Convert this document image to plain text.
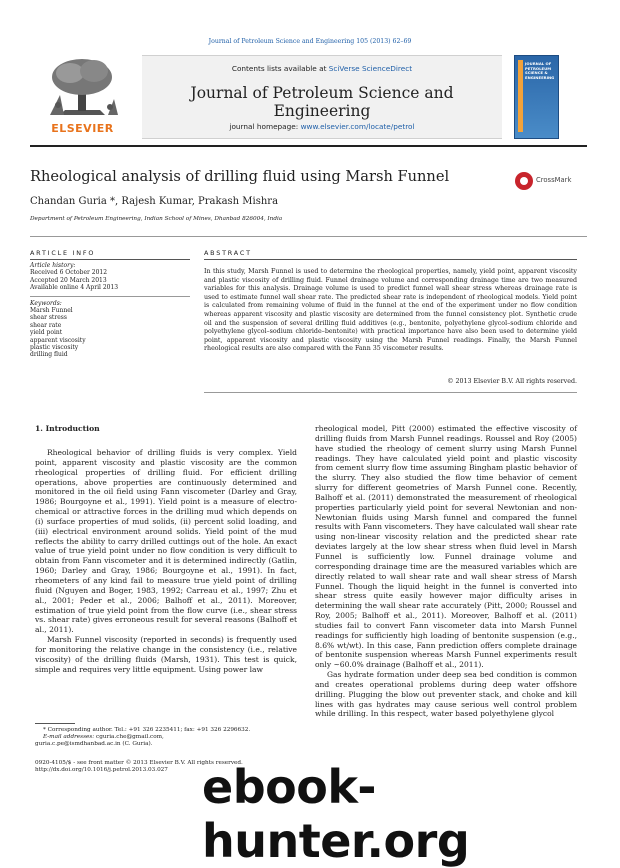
Journal of Petroleum Science and Engineering 105 (2013) 62–69
ELSEVIER
Contents lists available at SciVerse ScienceDirect
Journal of Petroleum Science and Engineering
journal homepage: www.elsevier.com/locate/petrol
JOURNAL OF PETROLEUM SCIENCE & ENGINEERING
Rheological analysis of drilling fluid using Marsh Funnel	CrossMark
Chandan Guria *, Rajesh Kumar, Prakash Mishra
Department of Petroleum Engineering, Indian School of Mines, Dhanbad 826004, India
ARTICLE INFO
Article history:
Received 6 October 2012
Accepted 20 March 2013
Available online 4 April 2013
Keywords:
Marsh Funnel
shear stress
shear rate
yield point
apparent viscosity
plastic viscosity
drilling fluid
ABSTRACT
In this study, Marsh Funnel is used to determine the rheological properties, namely, yield point, apparent viscosity and plastic viscosity of drilling fluid. Funnel drainage volume and corresponding drainage time are two measured variables for this analysis. Drainage volume is used to predict funnel wall shear stress whereas drainage rate is used to estimate funnel wall shear rate. The predicted shear rate is independent of rheological models. Yield point is calculated from remaining volume of fluid in the funnel at the end of the experiment under no flow condition whereas apparent viscosity and plastic viscosity are determined from the funnel consistency plot. Synthetic crude oil and the suspension of several drilling fluid additives (e.g., bentonite, polyethylene glycol–sodium chloride and polyethylene glycol–sodium chloride–bentonite) with practical importance have also been used to determine yield point, apparent viscosity and plastic viscosity using the Marsh Funnel readings. Finally, the Marsh Funnel rheological results are also compared with the Fann 35 viscometer results.
© 2013 Elsevier B.V. All rights reserved.
1. Introduction

Rheological behavior of drilling fluids is very complex. Yield point, apparent viscosity and plastic viscosity are the common rheological properties of drilling fluid. For efficient drilling operations, above properties are continuously determined and monitored in the oil field using Fann viscometer (Darley and Gray, 1986; Bourgoyne et al., 1991). Yield point is a measure of electro-chemical or attractive forces in the drilling mud which depends on (i) surface properties of mud solids, (ii) percent solid loading, and (iii) electrical environment around solids. Yield point of the mud reflects the ability to carry drilled cuttings out of the hole. An exact value of true yield point under no flow condition is very difficult to obtain from Fann viscometer and it is determined indirectly (Gatlin, 1960; Darley and Gray, 1986; Bourgoyne et al., 1991). In fact, rheometers of any kind fail to measure true yield point of drilling fluid (Nguyen and Boger, 1983, 1992; Carreau et al., 1997; Zhu et al., 2001; Peder et al., 2006; Balhoff et al., 2011). Moreover, estimation of true yield point from the flow curve (i.e., shear stress vs. shear rate) gives erroneous result for several reasons (Balhoff et al., 2011).

Marsh Funnel viscosity (reported in seconds) is frequently used for monitoring the relative change in the consistency (i.e., relative viscosity) of the drilling fluids (Marsh, 1931). This test is quick, simple and requires very little equipment. Using power law

rheological model, Pitt (2000) estimated the effective viscosity of drilling fluids from Marsh Funnel readings. Roussel and Roy (2005) have studied the rheology of cement slurry using Marsh Funnel readings. They have calculated yield point and plastic viscosity from cement slurry flow time assuming Bingham plastic behavior of the slurry. They also studied the flow time behavior of cement slurry for different geometries of Marsh Funnel cone. Recently, Balhoff et al. (2011) demonstrated the measurement of rheological properties particularly yield point for several Newtonian and non-Newtonian fluids using Marsh funnel and compared the funnel results with Fann viscometers. They have calculated wall shear rate using non-linear viscosity relation and the predicted shear rate deviates largely at the low shear stress when fluid level in Marsh Funnel is sufficiently low. Funnel drainage volume and corresponding drainage time are the measured variables which are directly related to wall shear rate and wall shear stress of Marsh Funnel. Though the liquid height in the funnel is converted into shear stress quite easily however major difficulty arises in determining the wall shear rate accurately (Pitt, 2000; Roussel and Roy, 2005; Balhoff et al., 2011). Moreover, Balhoff et al. (2011) studies fail to convert Fann viscometer data into Marsh Funnel readings for sufficiently high loading of bentonite suspension (e.g., 8.6% wt/wt). In this case, Fann prediction offers complete drainage of bentonite suspension whereas Marsh Funnel experiments result only ~60.0% drainage (Balhoff et al., 2011).

Gas hydrate formation under deep sea bed condition is common and creates operational problems during deep water offshore drilling. Plugging the blow out preventer stack, and choke and kill lines with gas hydrates may cause serious well control problem while drilling. In this respect, water based polyethylene glycol

* Corresponding author. Tel.: +91 326 2235411; fax: +91 326 2296632.
E-mail addresses: cguria.che@gmail.com,
guria.c.pe@ismdhanbad.ac.in (C. Guria).
0920-4105/$ - see front matter © 2013 Elsevier B.V. All rights reserved.
http://dx.doi.org/10.1016/j.petrol.2013.03.027 ebook-hunter.org
